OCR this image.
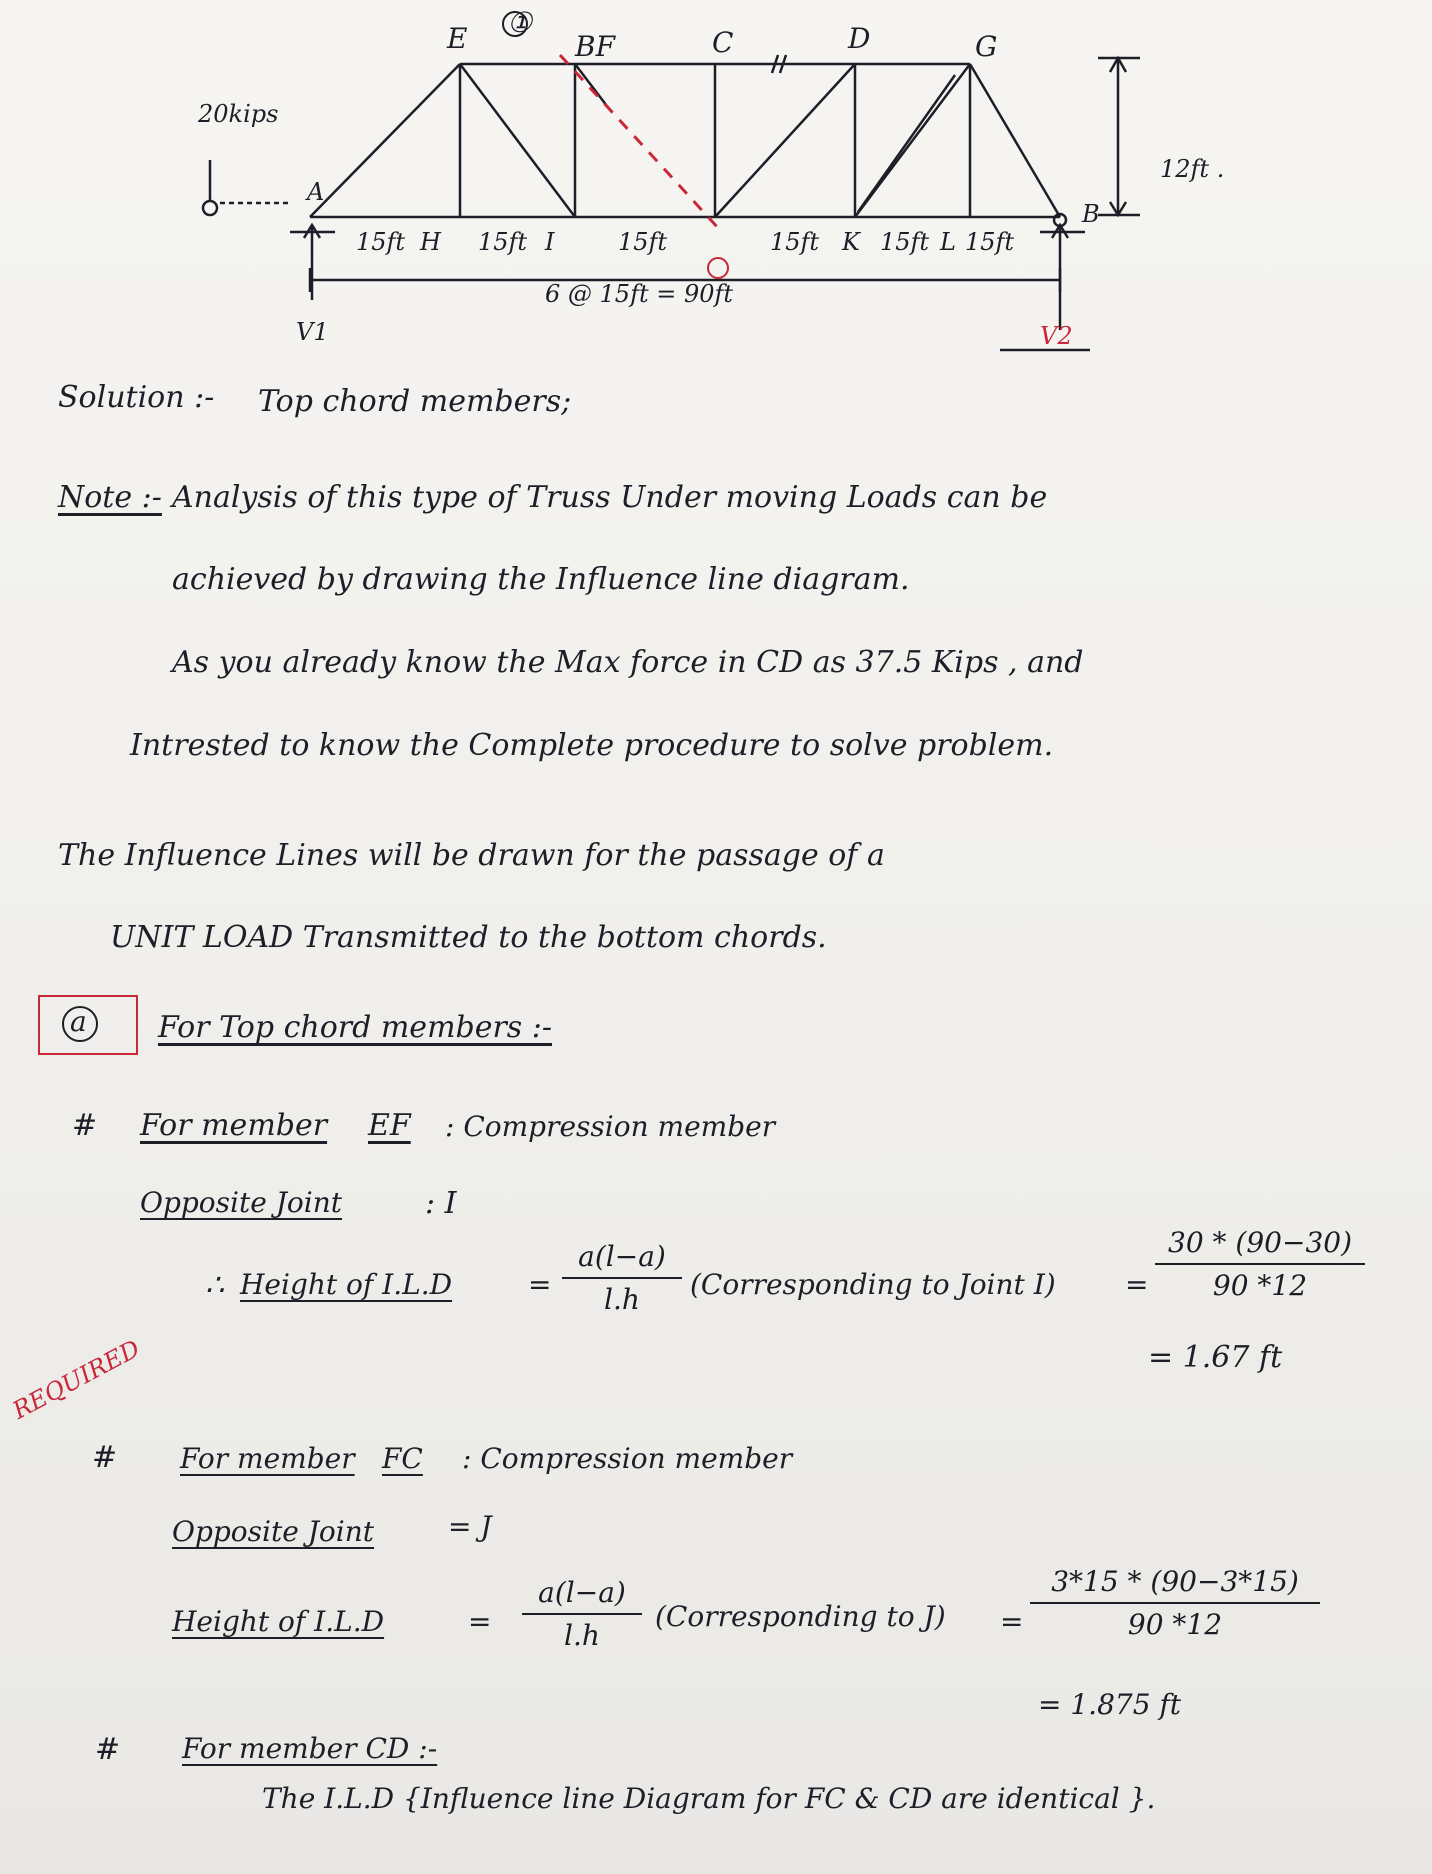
E ①
BF	C	D	G
20kips
A
B
12ft .
15ft H 15ft I	15ft	15ft K 15ft L 15ft
6 @ 15ft = 90ft
V1	V2
Solution :- Top chord members;
Note :- Analysis of this type of Truss Under moving Loads can be
achieved by drawing the Influence line diagram.
As you already know the Max force in CD as 37.5 Kips , and
Intrested to know the Complete procedure to solve problem.
The Influence Lines will be drawn for the passage of a
UNIT LOAD Transmitted to the bottom chords.
a For Top chord members :-
# For member EF : Compression member
Opposite Joint	: I
∴ Height of I.L.D	= $\frac{a(l-a)}{l.h}$ (Corresponding to Joint $I) = \frac{30 * (90-30)}{90 *12}$
= 1.67 ft
REQUIRED
# For member FC : Compression member
Opposite Joint	= J
Height of I.L.D	= $\frac{a(l-a)}{l.h}$ (Corresponding to $J) = \frac{3*15 * (90-3*15)}{90 *12}$
= 1.875 ft
# For member CD :-
The I.L.D {Influence line Diagram for FC & CD are identical }.
